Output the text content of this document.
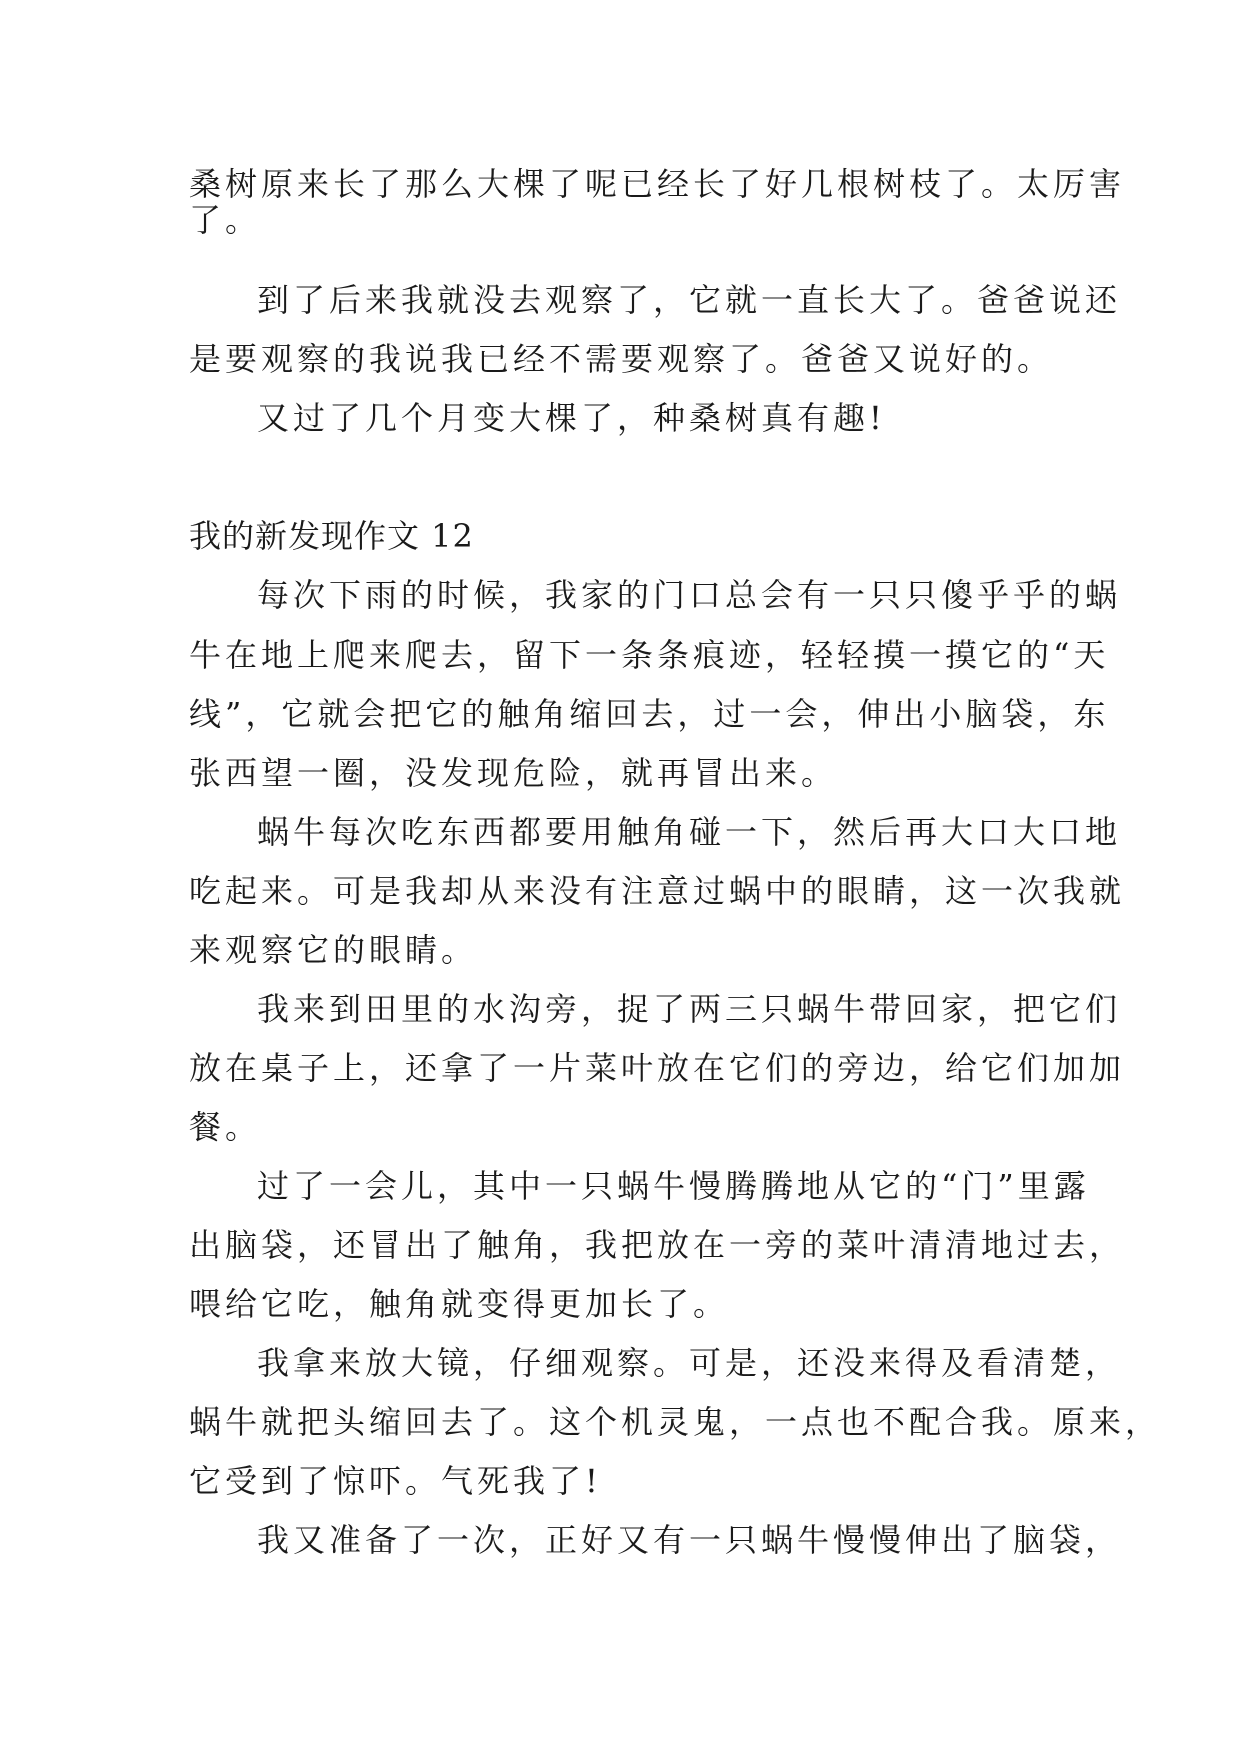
桑树原来长了那么大棵了呢已经长了好几根树枝了。太厉害
了。
到了后来我就没去观察了，它就一直长大了。爸爸说还
是要观察的我说我已经不需要观察了。爸爸又说好的。
又过了几个月变大棵了，种桑树真有趣!
我的新发现作文 12
每次下雨的时候，我家的门口总会有一只只傻乎乎的蜗
牛在地上爬来爬去，留下一条条痕迹，轻轻摸一摸它的“天
线”，它就会把它的触角缩回去，过一会，伸出小脑袋，东
张西望一圈，没发现危险，就再冒出来。
蜗牛每次吃东西都要用触角碰一下，然后再大口大口地
吃起来。可是我却从来没有注意过蜗中的眼睛，这一次我就
来观察它的眼睛。
我来到田里的水沟旁，捉了两三只蜗牛带回家，把它们
放在桌子上，还拿了一片菜叶放在它们的旁边，给它们加加
餐。
过了一会儿，其中一只蜗牛慢腾腾地从它的“门”里露
出脑袋，还冒出了触角，我把放在一旁的菜叶清清地过去，
喂给它吃，触角就变得更加长了。
我拿来放大镜，仔细观察。可是，还没来得及看清楚，
蜗牛就把头缩回去了。这个机灵鬼，一点也不配合我。原来，
它受到了惊吓。气死我了!
我又准备了一次，正好又有一只蜗牛慢慢伸出了脑袋，
